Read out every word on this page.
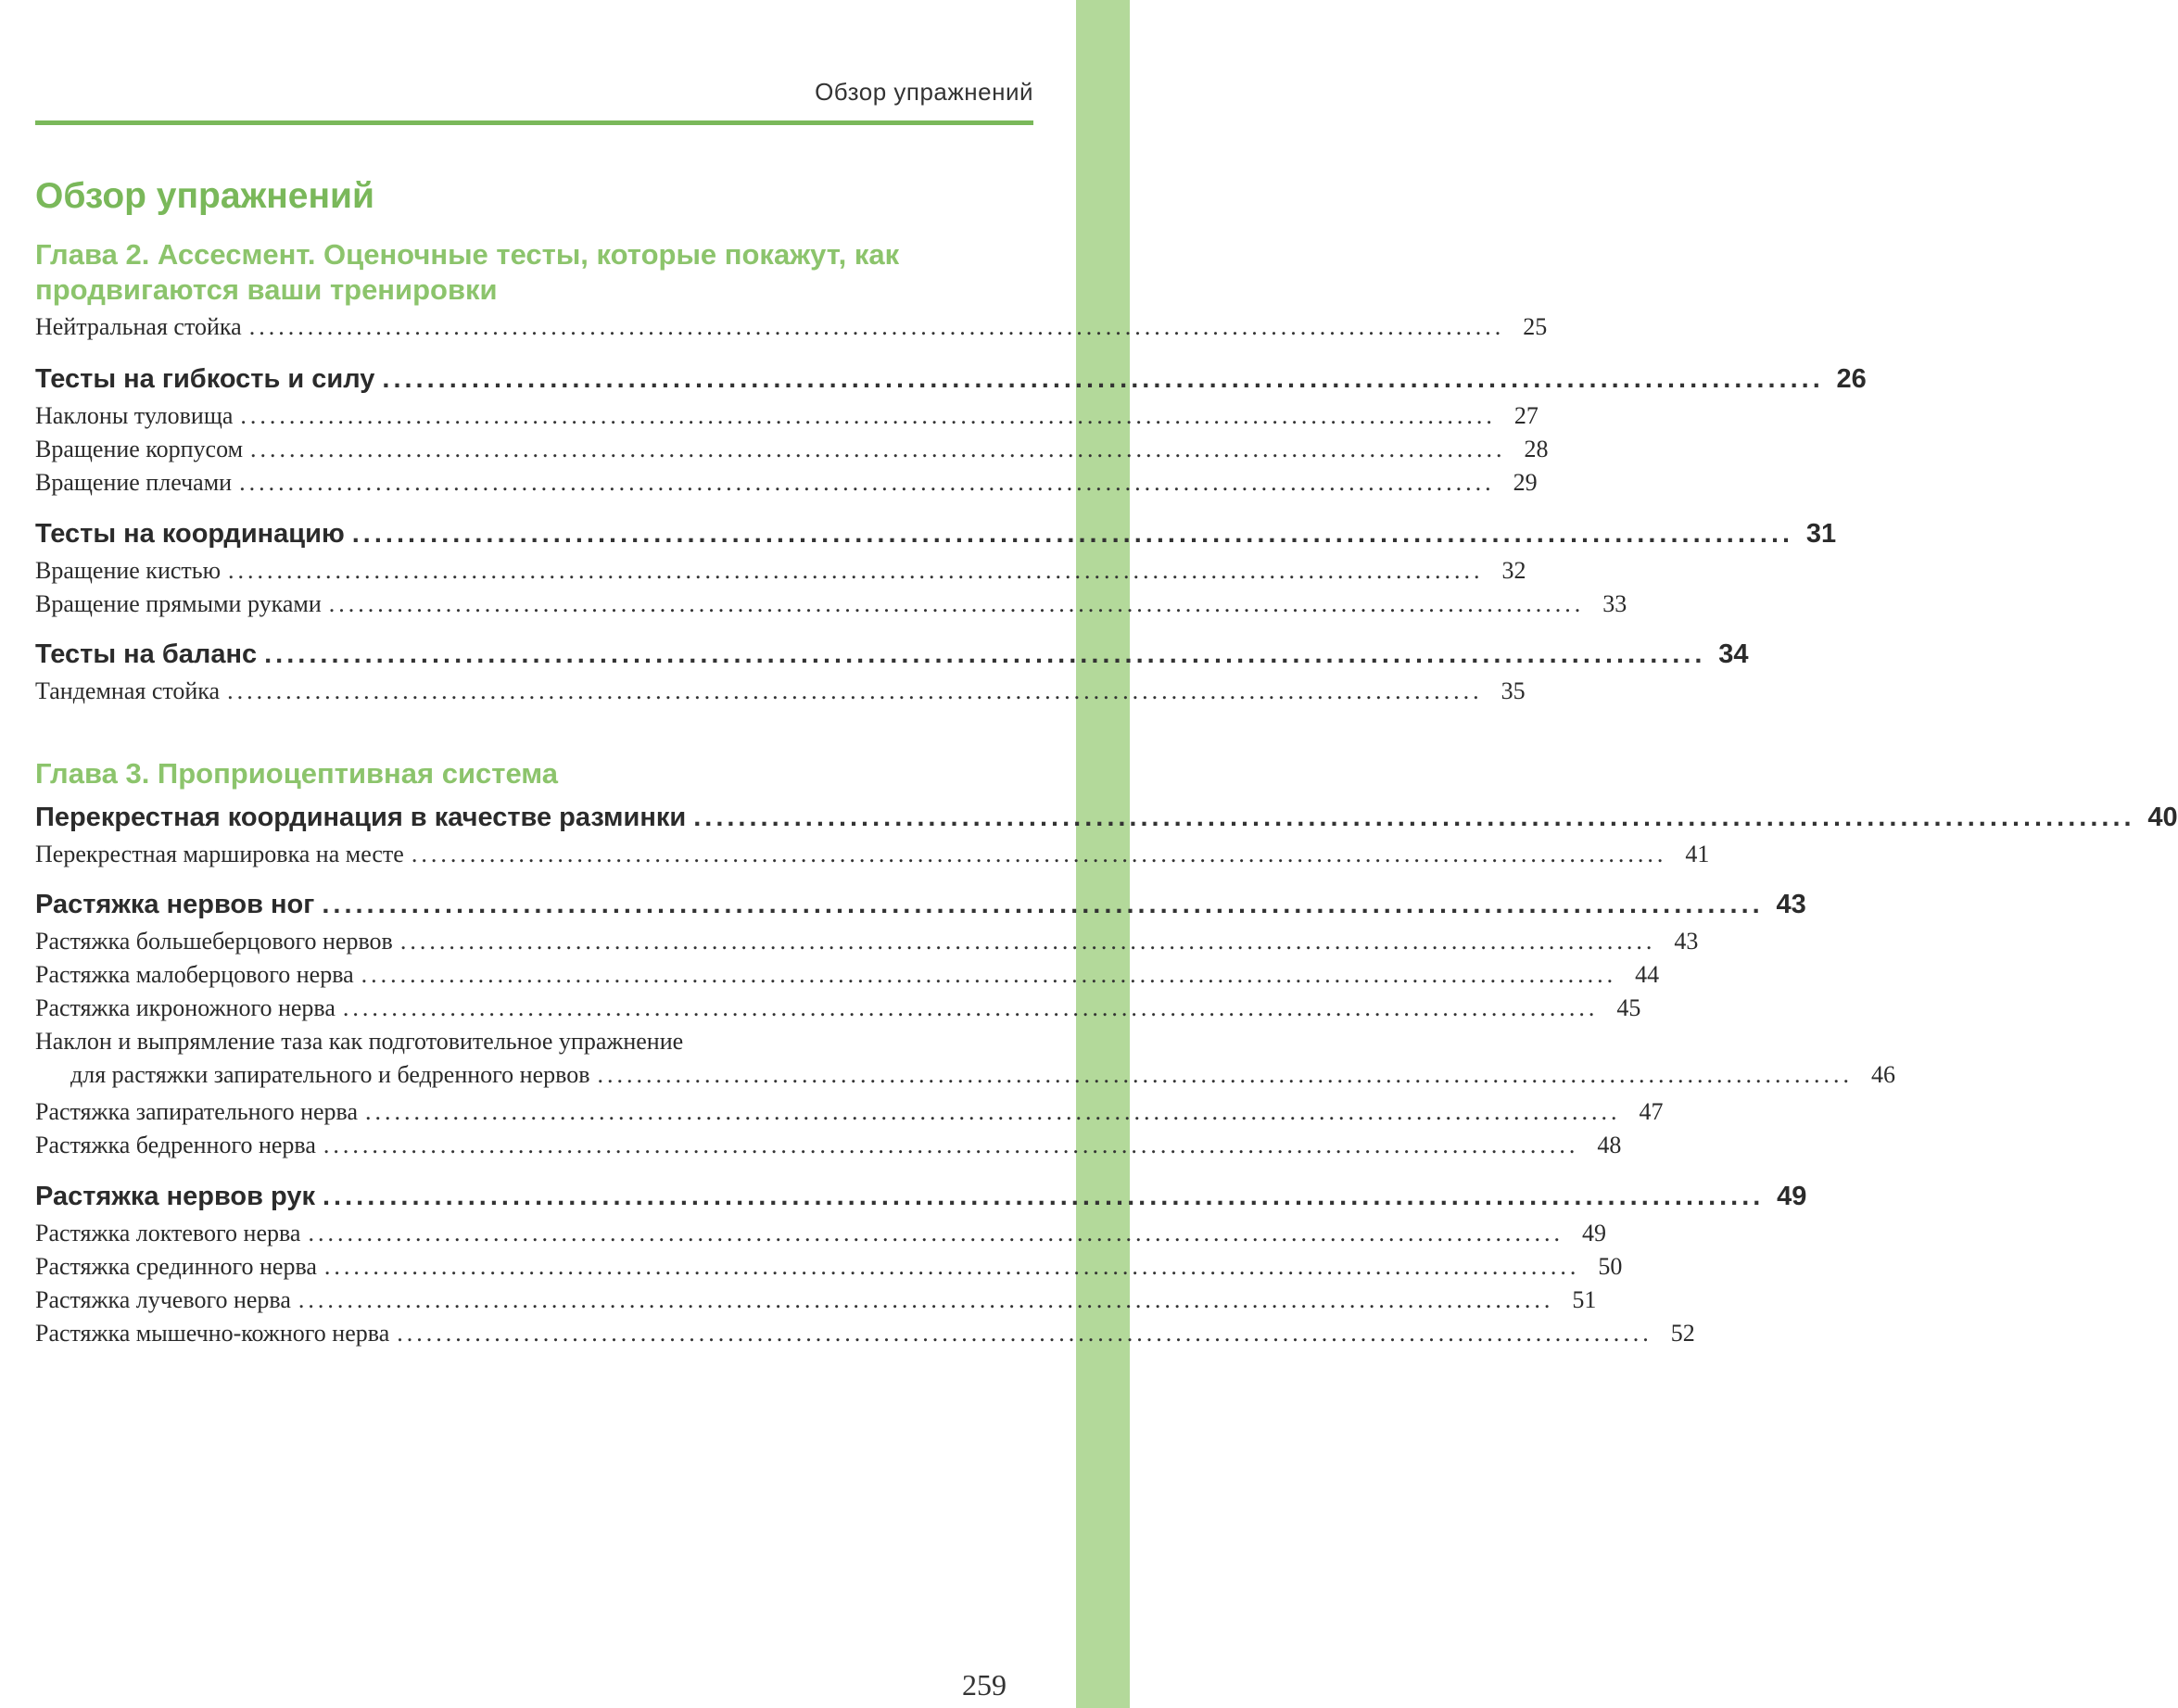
Обзор упражнений
Обзор упражнений
Глава 2. Ассесмент. Оценочные тесты, которые покажут, как продвигаются ваши тренировки
Нейтральная стойка ................................................................................................................................. 25
Тесты на гибкость и силу ................................................................................................................................. 26
Наклоны туловища ................................................................................................................................. 27
Вращение корпусом ................................................................................................................................. 28
Вращение плечами ................................................................................................................................. 29
Тесты на координацию ................................................................................................................................. 31
Вращение кистью ................................................................................................................................. 32
Вращение прямыми руками ................................................................................................................................. 33
Тесты на баланс ................................................................................................................................. 34
Тандемная стойка ................................................................................................................................. 35
Глава 3. Проприоцептивная система
Перекрестная координация в качестве разминки ................................................................................................................................. 40
Перекрестная маршировка на месте ................................................................................................................................. 41
Растяжка нервов ног ................................................................................................................................. 43
Растяжка большеберцового нервов ................................................................................................................................. 43
Растяжка малоберцового нерва ................................................................................................................................. 44
Растяжка икроножного нерва ................................................................................................................................. 45
Наклон и выпрямление таза как подготовительное упражнение
для растяжки запирательного и бедренного нервов ................................................................................................................................. 46
Растяжка запирательного нерва ................................................................................................................................. 47
Растяжка бедренного нерва ................................................................................................................................. 48
Растяжка нервов рук ................................................................................................................................. 49
Растяжка локтевого нерва ................................................................................................................................. 49
Растяжка срединного нерва ................................................................................................................................. 50
Растяжка лучевого нерва ................................................................................................................................. 51
Растяжка мышечно-кожного нерва ................................................................................................................................. 52
259
